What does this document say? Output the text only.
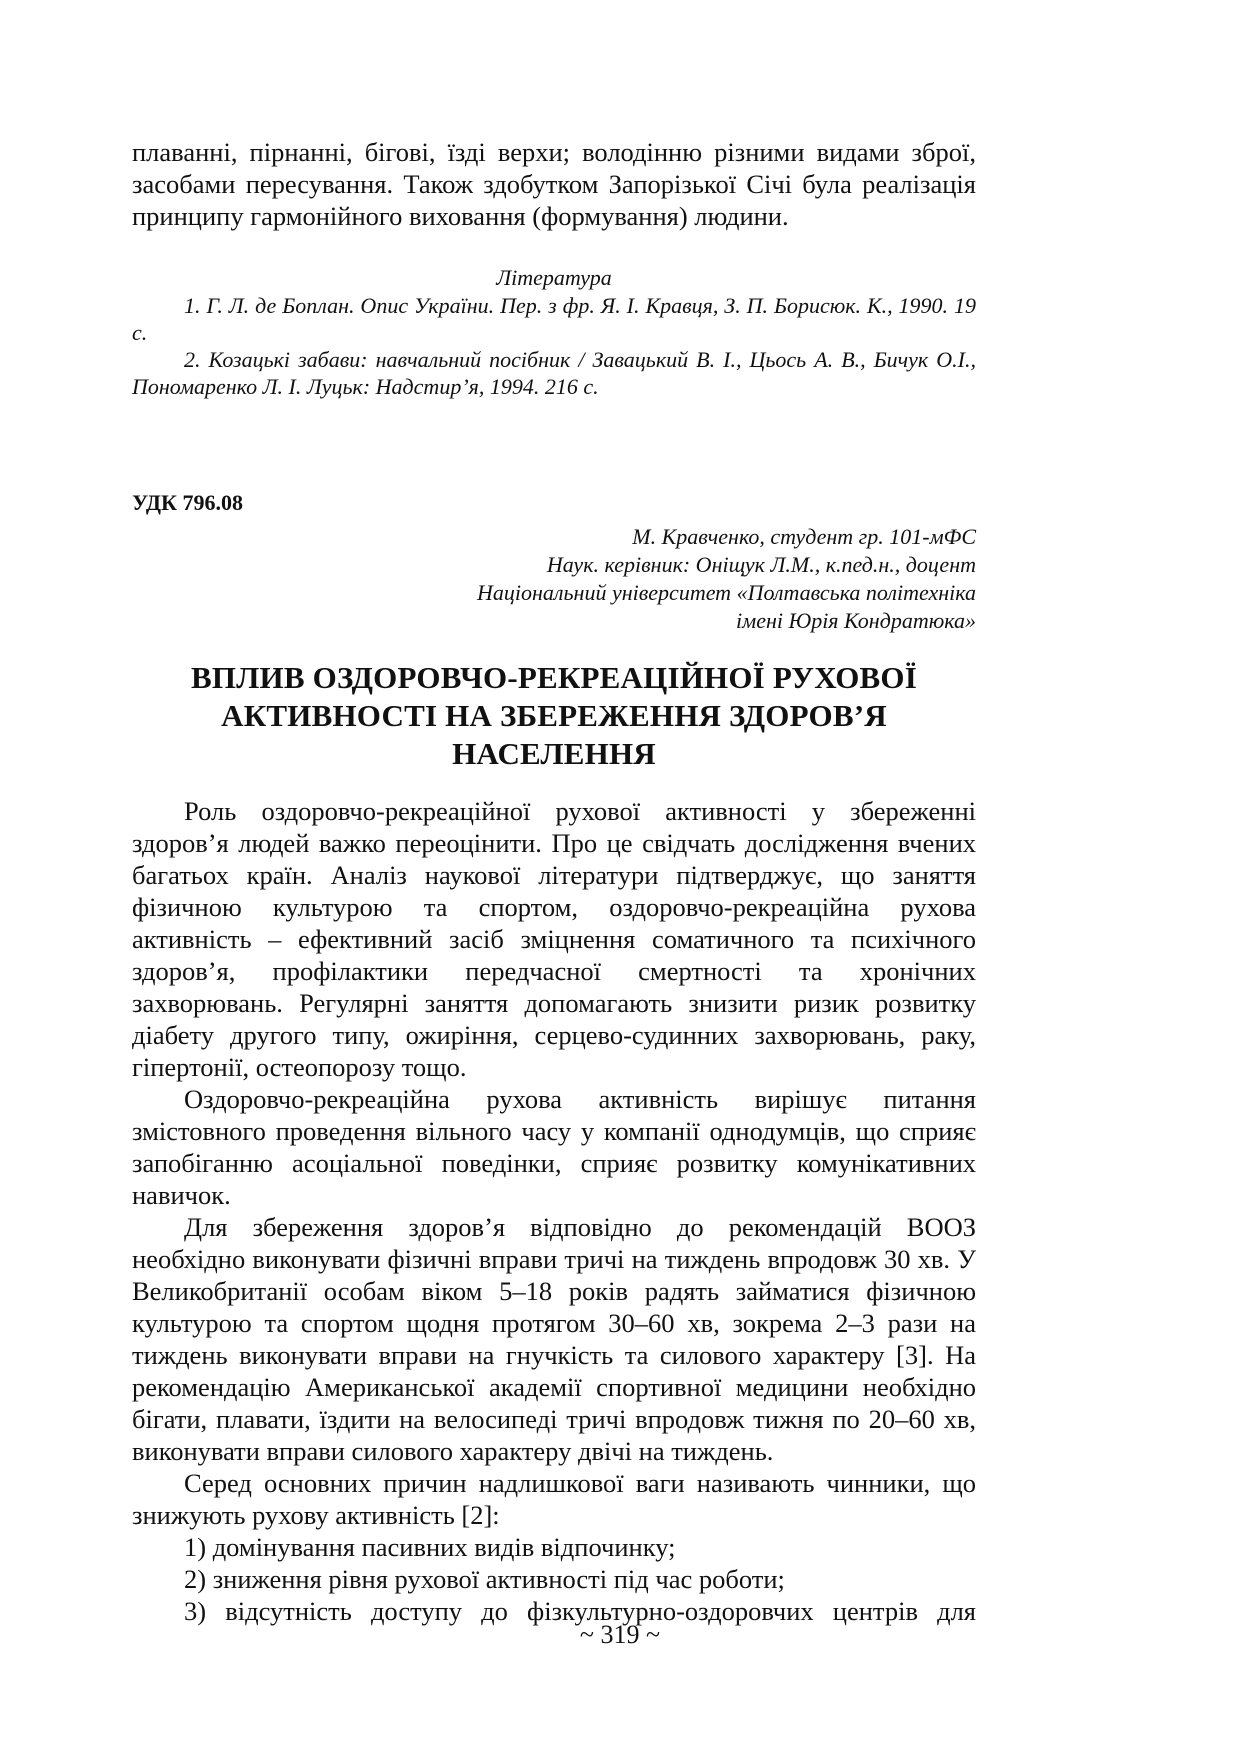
плаванні, пірнанні, бігові, їзді верхи; володінню різними видами зброї, засобами пересування. Також здобутком Запорізької Січі була реалізація принципу гармонійного виховання (формування) людини.

Література

1. Г. Л. де Боплан. Опис України. Пер. з фр. Я. І. Кравця, З. П. Борисюк. К., 1990. 19 с.

2. Козацькі забави: навчальний посібник / Завацький В. І., Цьось А. В., Бичук О.І., Пономаренко Л. І. Луцьк: Надстир’я, 1994. 216 с.

УДК 796.08

М. Кравченко, студент гр. 101-мФС
Наук. керівник: Оніщук Л.М., к.пед.н., доцент
Національний університет «Полтавська політехніка
імені Юрія Кондратюка»
ВПЛИВ ОЗДОРОВЧО-РЕКРЕАЦІЙНОЇ РУХОВОЇ
АКТИВНОСТІ НА ЗБЕРЕЖЕННЯ ЗДОРОВ’Я НАСЕЛЕННЯ

Роль оздоровчо-рекреаційної рухової активності у збереженні здоров’я людей важко переоцінити. Про це свідчать дослідження вчених багатьох країн. Аналіз наукової літератури підтверджує, що заняття фізичною культурою та спортом, оздоровчо-рекреаційна рухова активність – ефективний засіб зміцнення соматичного та психічного здоров’я, профілактики передчасної смертності та хронічних захворювань. Регулярні заняття допомагають знизити ризик розвитку діабету другого типу, ожиріння, серцево-судинних захворювань, раку, гіпертонії, остеопорозу тощо.

Оздоровчо-рекреаційна рухова активність вирішує питання змістовного проведення вільного часу у компанії однодумців, що сприяє запобіганню асоціальної поведінки, сприяє розвитку комунікативних навичок.

Для збереження здоров’я відповідно до рекомендацій ВООЗ необхідно виконувати фізичні вправи тричі на тиждень впродовж 30 хв. У Великобританії особам віком 5–18 років радять займатися фізичною культурою та спортом щодня протягом 30–60 хв, зокрема 2–3 рази на тиждень виконувати вправи на гнучкість та силового характеру [3]. На рекомендацію Американської академії спортивної медицини необхідно бігати, плавати, їздити на велосипеді тричі впродовж тижня по 20–60 хв, виконувати вправи силового характеру двічі на тиждень.

Серед основних причин надлишкової ваги називають чинники, що знижують рухову активність [2]:

1) домінування пасивних видів відпочинку;

2) зниження рівня рухової активності під час роботи;

3) відсутність доступу до фізкультурно-оздоровчих центрів для

~ 319 ~
